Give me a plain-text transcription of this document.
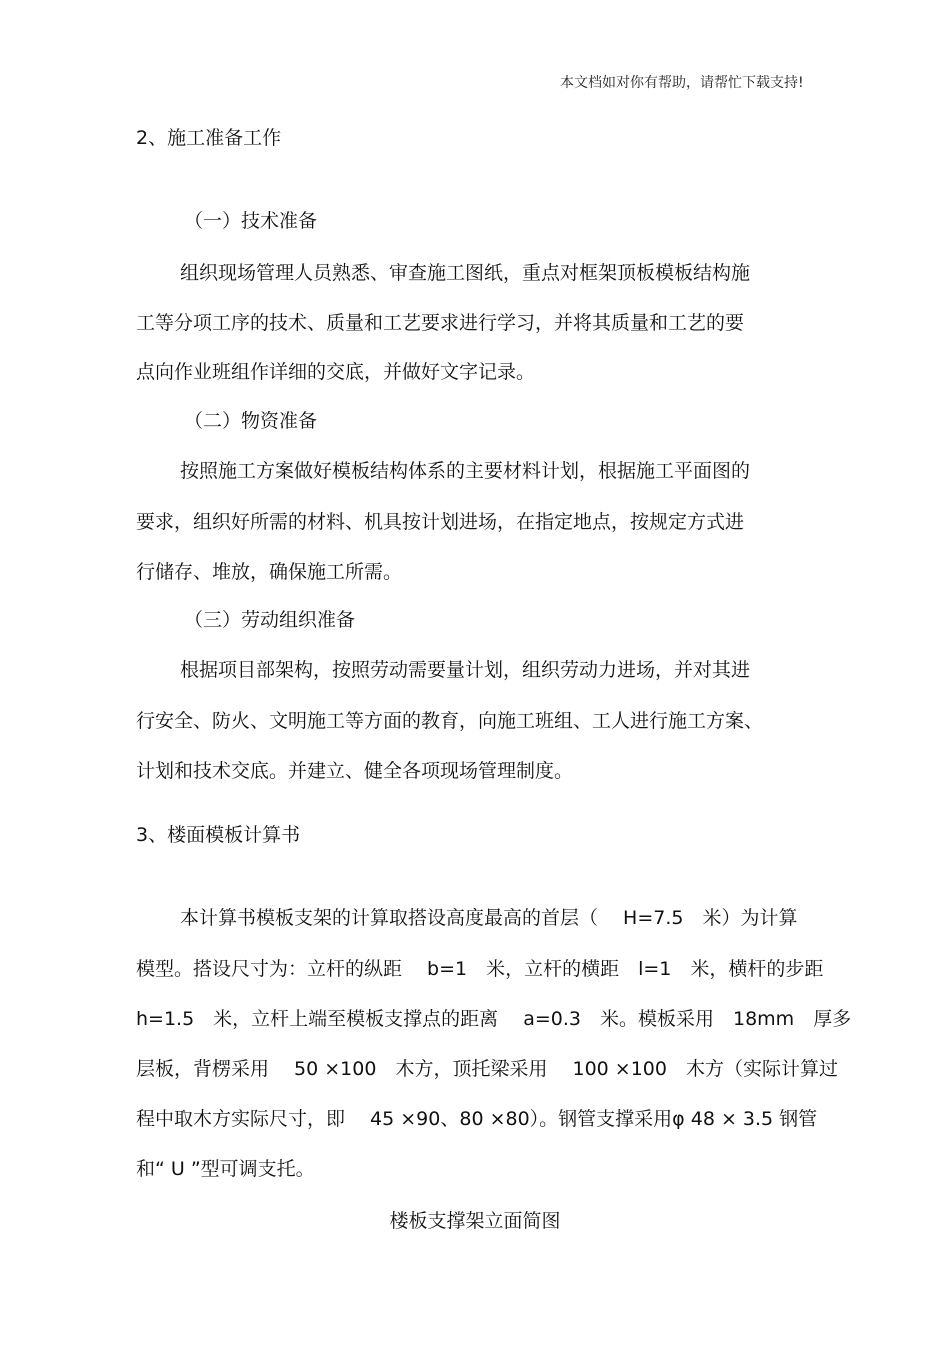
本文档如对你有帮助，请帮忙下载支持!
2、施工准备工作
（一）技术准备
组织现场管理人员熟悉、审查施工图纸，重点对框架顶板模板结构施
工等分项工序的技术、质量和工艺要求进行学习，并将其质量和工艺的要
点向作业班组作详细的交底，并做好文字记录。
（二）物资准备
按照施工方案做好模板结构体系的主要材料计划，根据施工平面图的
要求，组织好所需的材料、机具按计划进场，在指定地点，按规定方式进
行储存、堆放，确保施工所需。
（三）劳动组织准备
根据项目部架构，按照劳动需要量计划，组织劳动力进场，并对其进
行安全、防火、文明施工等方面的教育，向施工班组、工人进行施工方案、
计划和技术交底。并建立、健全各项现场管理制度。
3、楼面模板计算书
本计算书模板支架的计算取搭设高度最高的首层（　 H=7.5　米）为计算
模型。搭设尺寸为：立杆的纵距　 b=1　米，立杆的横距　l=1　米，横杆的步距
h=1.5　米，立杆上端至模板支撑点的距离　 a=0.3　米。模板采用　18mm　厚多
层板，背楞采用　 50 ×100　木方，顶托梁采用　 100 ×100　木方（实际计算过
程中取木方实际尺寸，即　 45 ×90、80 ×80）。钢管支撑采用φ 48 × 3.5 钢管
和“ U ”型可调支托。
楼板支撑架立面简图
